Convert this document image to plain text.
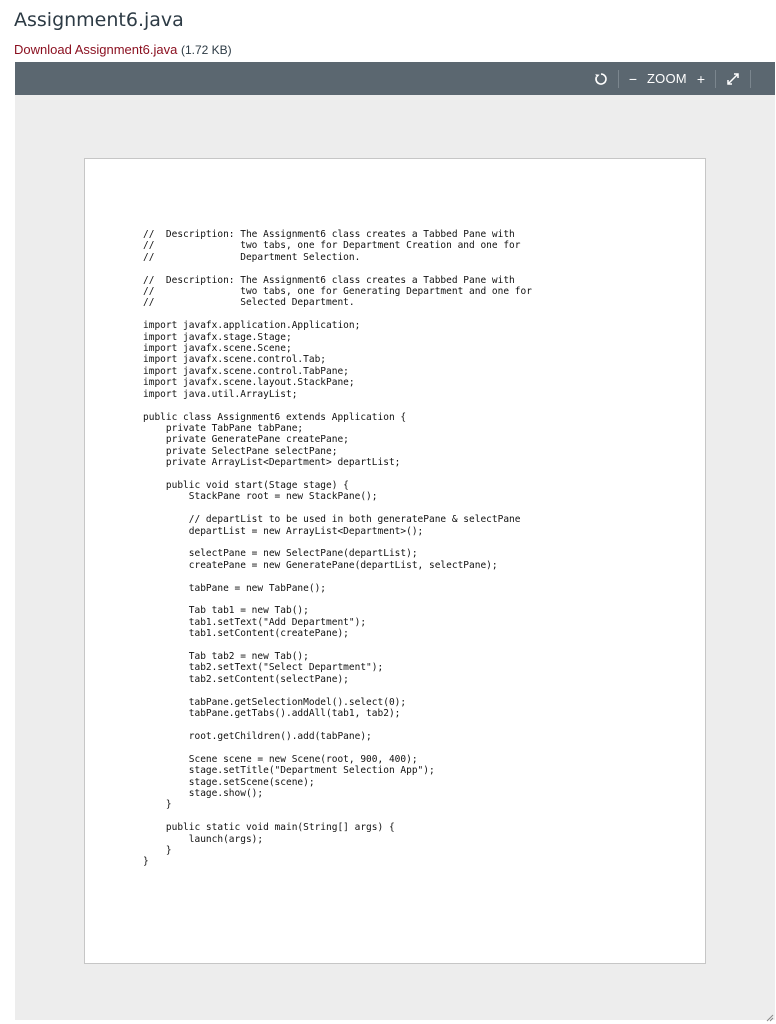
Assignment6.java
Download Assignment6.java (1.72 KB)
− ZOOM +
//  Description: The Assignment6 class creates a Tabbed Pane with
//               two tabs, one for Department Creation and one for
//               Department Selection.

//  Description: The Assignment6 class creates a Tabbed Pane with
//               two tabs, one for Generating Department and one for
//               Selected Department.

import javafx.application.Application;
import javafx.stage.Stage;
import javafx.scene.Scene;
import javafx.scene.control.Tab;
import javafx.scene.control.TabPane;
import javafx.scene.layout.StackPane;
import java.util.ArrayList;

public class Assignment6 extends Application {
private TabPane tabPane;
private GeneratePane createPane;
private SelectPane selectPane;
private ArrayList<Department> departList;

public void start(Stage stage) {
StackPane root = new StackPane();

// departList to be used in both generatePane & selectPane
departList = new ArrayList<Department>();

selectPane = new SelectPane(departList);
createPane = new GeneratePane(departList, selectPane);

tabPane = new TabPane();

Tab tab1 = new Tab();
tab1.setText("Add Department");
tab1.setContent(createPane);

Tab tab2 = new Tab();
tab2.setText("Select Department");
tab2.setContent(selectPane);

tabPane.getSelectionModel().select(0);
tabPane.getTabs().addAll(tab1, tab2);

root.getChildren().add(tabPane);

Scene scene = new Scene(root, 900, 400);
stage.setTitle("Department Selection App");
stage.setScene(scene);
stage.show();
}

public static void main(String[] args) {
launch(args);
}
}
